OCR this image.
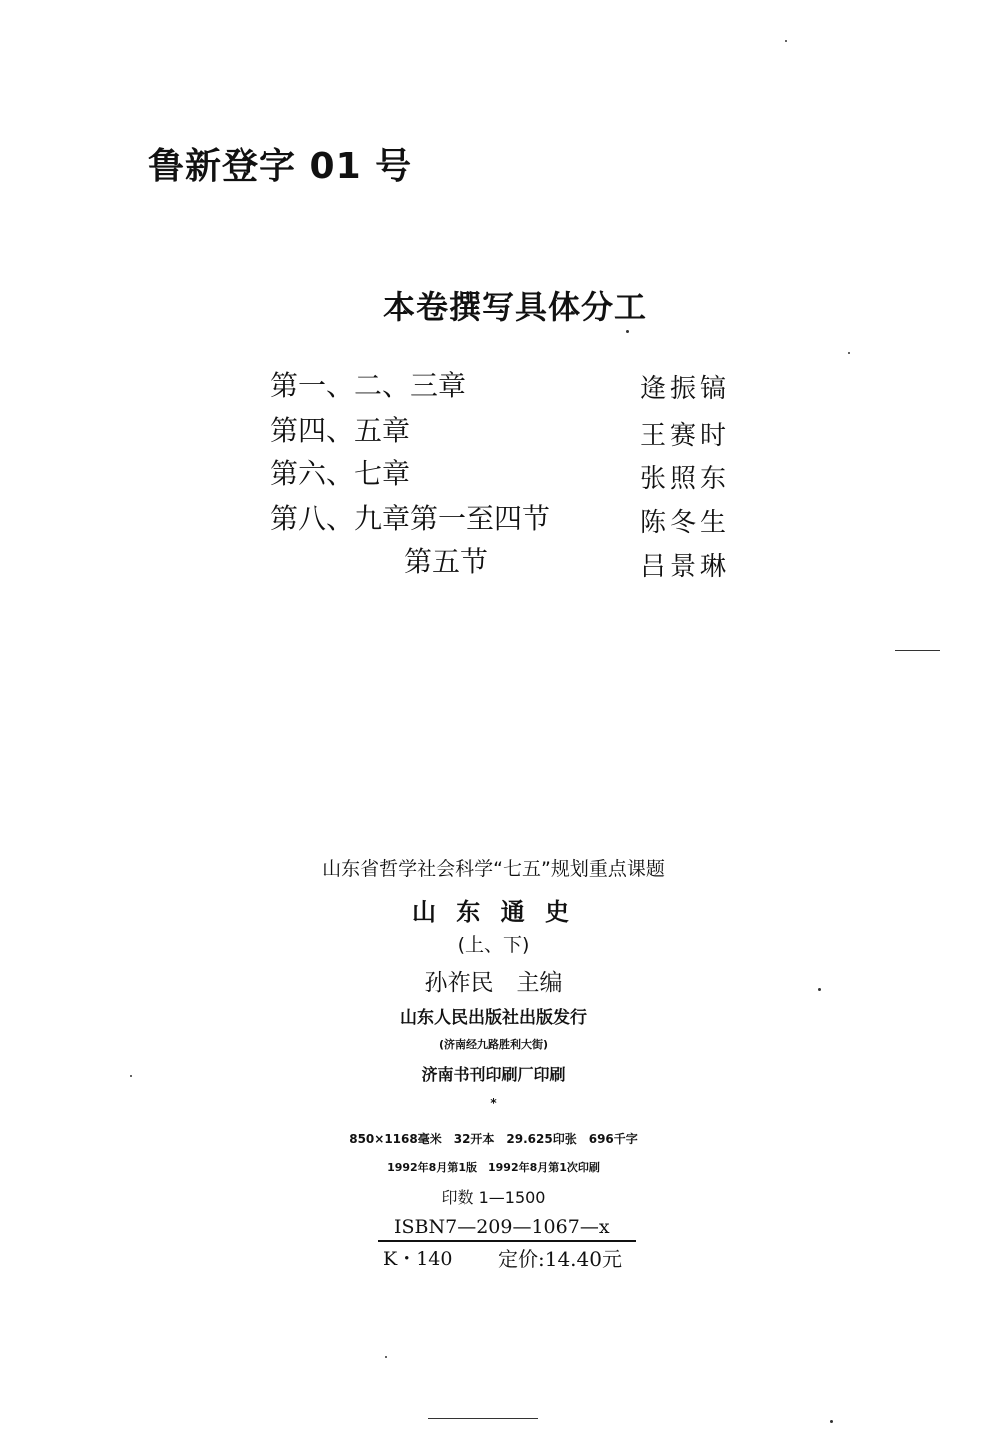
鲁新登字 01 号
本卷撰写具体分工
第一、二、三章	逄振镐
第四、五章	王赛时
第六、七章	张照东
第八、九章第一至四节	陈冬生
第五节	吕景琳
山东省哲学社会科学“七五”规划重点课题
山 东 通 史
(上、下)
孙祚民　主编
山东人民出版社出版发行
(济南经九路胜利大街)
济南书刊印刷厂印刷
*
850×1168毫米　32开本　29.625印张　696千字
1992年8月第1版　1992年8月第1次印刷
印数 1—1500
ISBN7—209—1067—x
K・140 定价:14.40元
